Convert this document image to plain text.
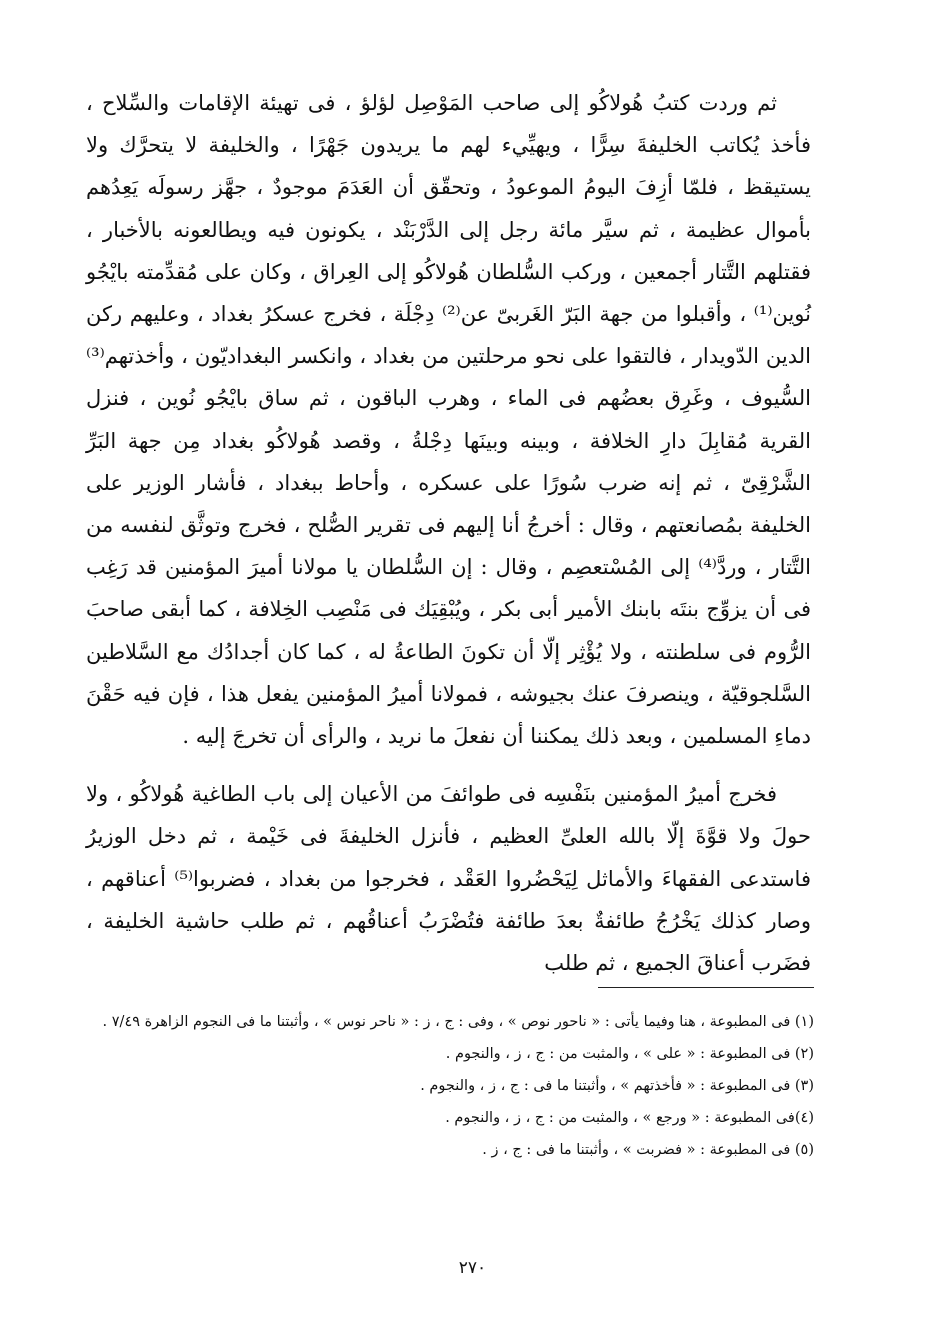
ثم وردت كتبُ هُولاكُو إلى صاحب المَوْصِل لؤلؤ ، فى تهيئة الإقامات والسِّلاح ، فأخذ يُكاتب الخليفةَ سِرًّا ، ويهيِّيء لهم ما يريدون جَهْرًا ، والخليفة لا يتحرَّك ولا يستيقظ ، فلمّا أزِفَ اليومُ الموعودُ ، وتحقّق أن العَدَمَ موجودٌ ، جهَّز رسولَه يَعِدُهم بأموال عظيمة ، ثم سيَّر مائة رجل إلى الدَّرْبَنْد ، يكونون فيه ويطالعونه بالأخبار ، فقتلهم التَّتار أجمعين ، وركب السُّلطان هُولاكُو إلى العِراق ، وكان على مُقدِّمته بايْجُو نُوين⁽¹⁾ ، وأقبلوا من جهة البَرّ الغَربىّ عن⁽²⁾ دِجْلَة ، فخرج عسكرُ بغداد ، وعليهم ركن الدين الدّويدار ، فالتقوا على نحو مرحلتين من بغداد ، وانكسر البغداديّون ، وأخذتهم⁽³⁾ السُّيوف ، وغَرِق بعضُهم فى الماء ، وهرب الباقون ، ثم ساق بايْجُو نُوين ، فنزل القرية مُقابِلَ دارِ الخلافة ، وبينه وبينَها دِجْلةُ ، وقصد هُولاكُو بغداد مِن جهة البَرِّ الشَّرْقِىّ ، ثم إنه ضرب سُورًا على عسكره ، وأحاط ببغداد ، فأشار الوزير على الخليفة بمُصانعتهم ، وقال : أخرجُ أنا إليهم فى تقرير الصُّلح ، فخرج وتوثَّق لنفسه من التَّتار ، وردَّ⁽⁴⁾ إلى المُسْتعصِم ، وقال : إن السُّلطان يا مولانا أميرَ المؤمنين قد رَغِب فى أن يزوِّج بنتَه بابنك الأمير أبى بكر ، ويُبْقِيَك فى مَنْصِب الخِلافة ، كما أبقى صاحبَ الرُّوم فى سلطنته ، ولا يُؤْثِر إلّا أن تكونَ الطاعةُ له ، كما كان أجدادُك مع السَّلاطين السَّلجوقيّة ، وينصرفَ عنك بجيوشه ، فمولانا أميرُ المؤمنين يفعل هذا ، فإن فيه حَقْنَ دماءِ المسلمين ، وبعد ذلك يمكننا أن نفعلَ ما نريد ، والرأى أن تخرجَ إليه .

فخرج أميرُ المؤمنين بنَفْسِه فى طوائفَ من الأعيان إلى باب الطاغية هُولاكُو ، ولا حولَ ولا قوَّةَ إلّا بالله العلىِّ العظيم ، فأنزل الخليفةَ فى خَيْمة ، ثم دخل الوزيرُ فاستدعى الفقهاءَ والأماثل لِيَحْضُروا العَقْد ، فخرجوا من بغداد ، فضربوا⁽⁵⁾ أعناقهم ، وصار كذلك يَخْرُجُ طائفةٌ بعدَ طائفة فتُضْرَبُ أعناقُهم ، ثم طلب حاشية الخليفة ، فضَرب أعناقَ الجميع ، ثم طلب

(١) فى المطبوعة ، هنا وفيما يأتى : « ناحور نوص » ، وفى : ج ، ز : « ناحر نوس » ، وأثبتنا ما فى النجوم الزاهرة ٧/٤٩ .

(٢) فى المطبوعة : « على » ، والمثبت من : ج ، ز ، والنجوم .

(٣) فى المطبوعة : « فأخذتهم » ، وأثبتنا ما فى : ج ، ز ، والنجوم .

(٤)فى المطبوعة : « ورجع » ، والمثبت من : ج ، ز ، والنجوم .

(٥) فى المطبوعة : « فضربت » ، وأثبتنا ما فى : ج ، ز .

٢٧٠
